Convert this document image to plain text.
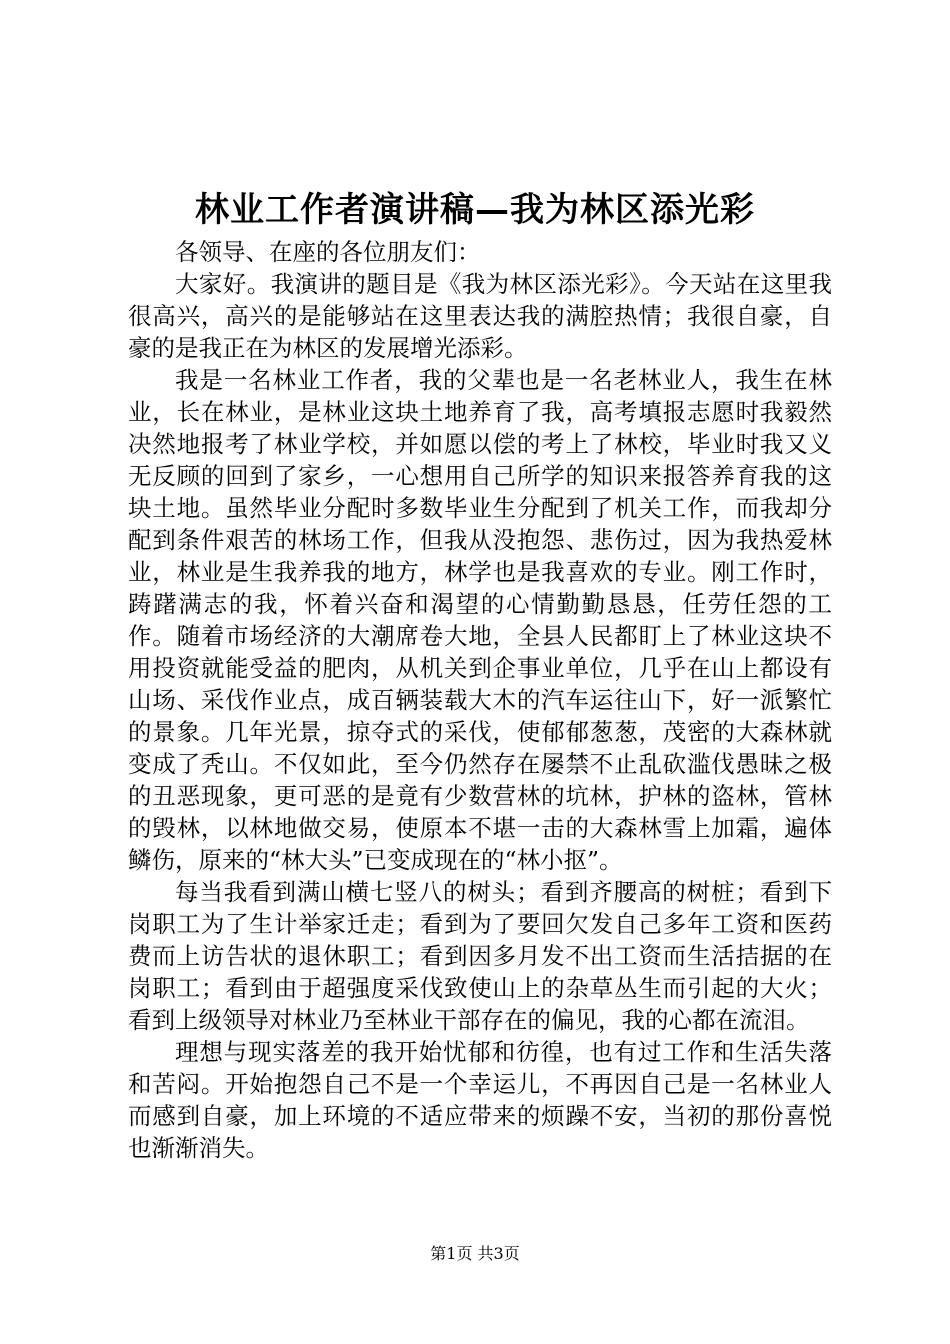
林业工作者演讲稿—我为林区添光彩

各领导、在座的各位朋友们：

大家好。我演讲的题目是《我为林区添光彩》。今天站在这里我很高兴，高兴的是能够站在这里表达我的满腔热情；我很自豪，自豪的是我正在为林区的发展增光添彩。

我是一名林业工作者，我的父辈也是一名老林业人，我生在林业，长在林业，是林业这块土地养育了我，高考填报志愿时我毅然决然地报考了林业学校，并如愿以偿的考上了林校，毕业时我又义无反顾的回到了家乡，一心想用自己所学的知识来报答养育我的这块土地。虽然毕业分配时多数毕业生分配到了机关工作，而我却分配到条件艰苦的林场工作，但我从没抱怨、悲伤过，因为我热爱林业，林业是生我养我的地方，林学也是我喜欢的专业。刚工作时，踌躇满志的我，怀着兴奋和渴望的心情勤勤恳恳，任劳任怨的工作。随着市场经济的大潮席卷大地，全县人民都盯上了林业这块不用投资就能受益的肥肉，从机关到企事业单位，几乎在山上都设有山场、采伐作业点，成百辆装载大木的汽车运往山下，好一派繁忙的景象。几年光景，掠夺式的采伐，使郁郁葱葱，茂密的大森林就变成了秃山。不仅如此，至今仍然存在屡禁不止乱砍滥伐愚昧之极的丑恶现象，更可恶的是竟有少数营林的坑林，护林的盗林，管林的毁林，以林地做交易，使原本不堪一击的大森林雪上加霜，遍体鳞伤，原来的“林大头”已变成现在的“林小抠”。

每当我看到满山横七竖八的树头；看到齐腰高的树桩；看到下岗职工为了生计举家迁走；看到为了要回欠发自己多年工资和医药费而上访告状的退休职工；看到因多月发不出工资而生活拮据的在岗职工；看到由于超强度采伐致使山上的杂草丛生而引起的大火；看到上级领导对林业乃至林业干部存在的偏见，我的心都在流泪。

理想与现实落差的我开始忧郁和彷徨，也有过工作和生活失落和苦闷。开始抱怨自己不是一个幸运儿，不再因自己是一名林业人而感到自豪，加上环境的不适应带来的烦躁不安，当初的那份喜悦也渐渐消失。

第1页 共3页
